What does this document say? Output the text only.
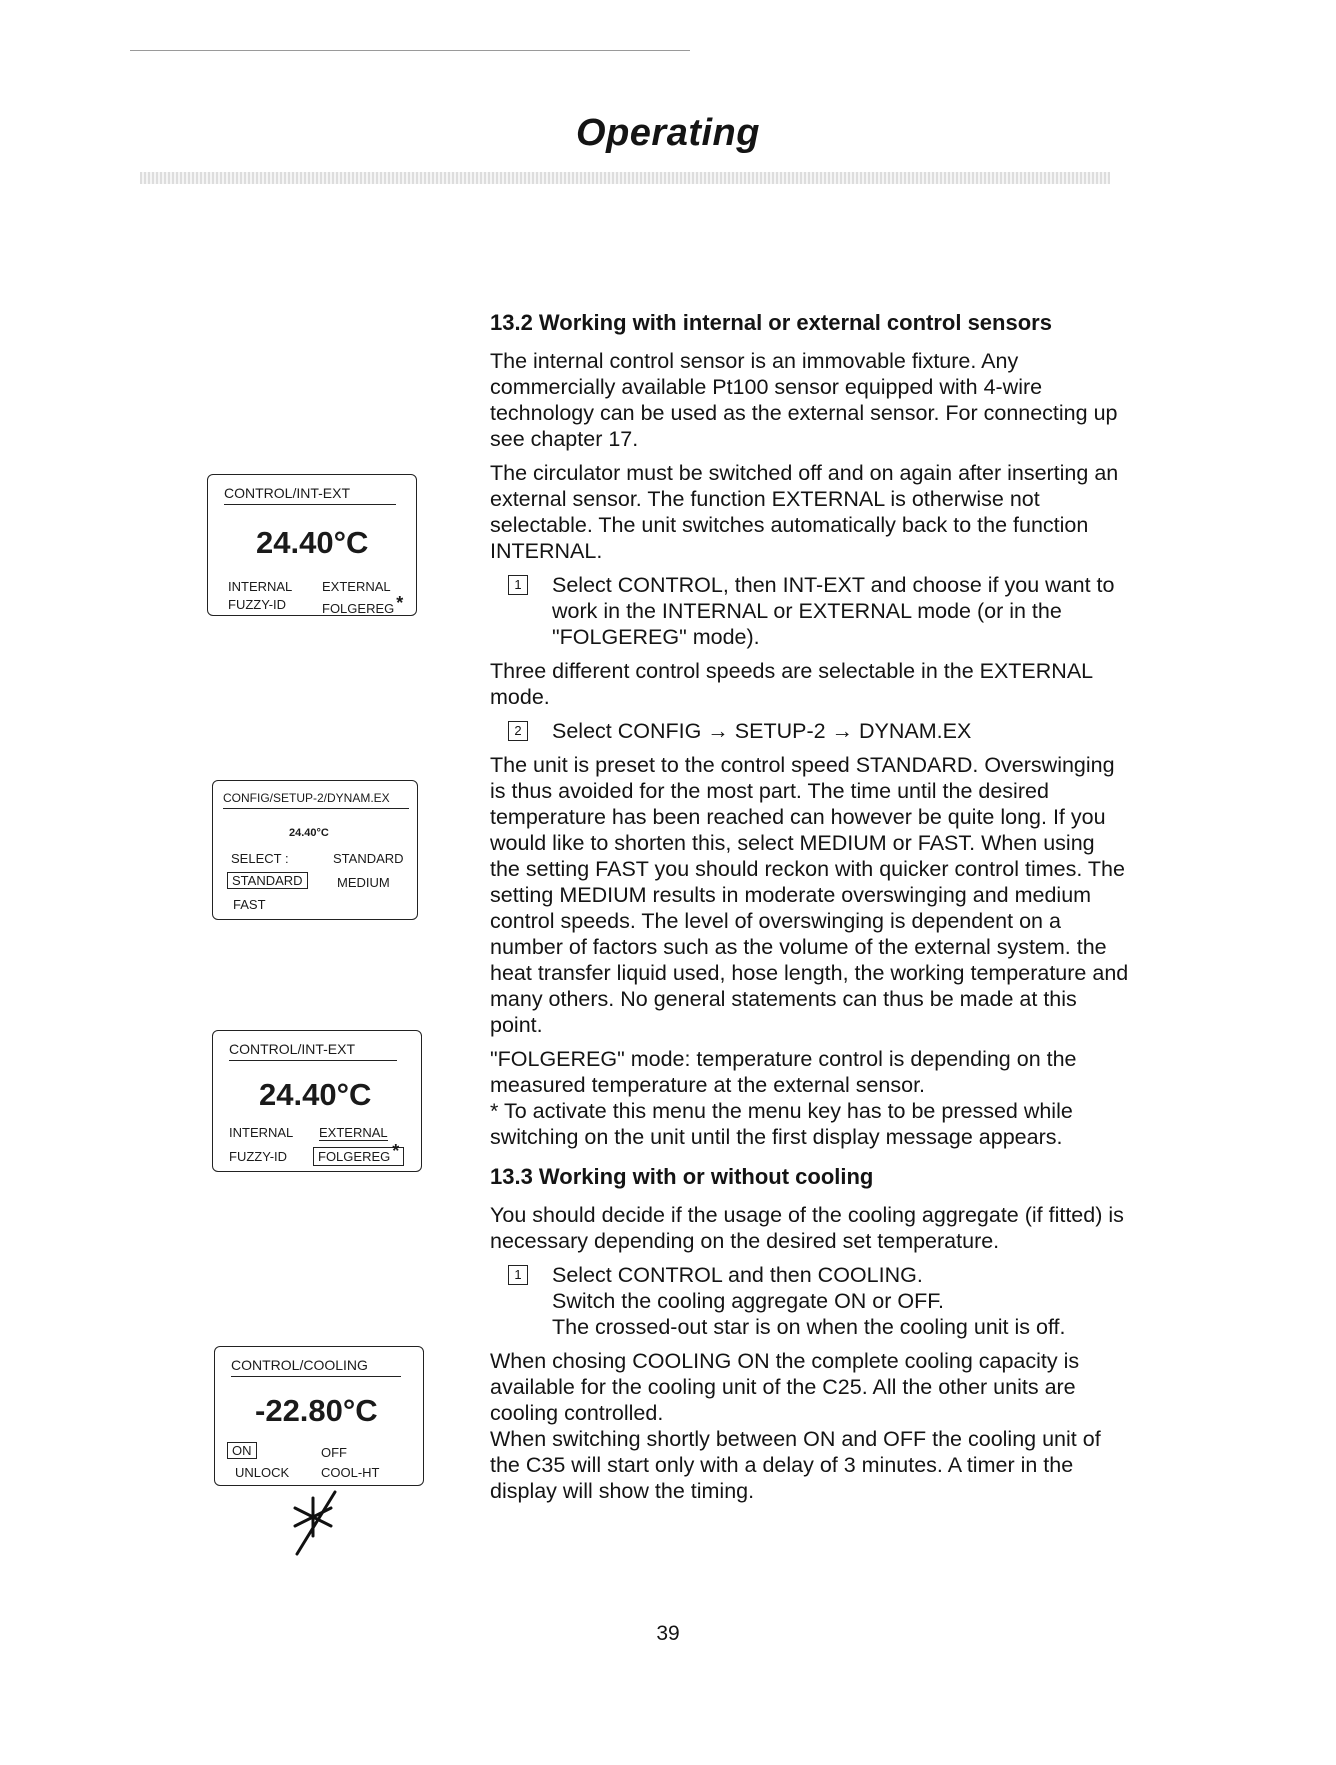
Operating
CONTROL/INT-EXT
24.40°C
INTERNAL EXTERNAL
FUZZY-ID	FOLGEREG *
CONFIG/SETUP-2/DYNAM.EX
24.40°C
SELECT :	STANDARD
STANDARD	MEDIUM
FAST
CONTROL/INT-EXT
24.40°C
INTERNAL EXTERNAL
FUZZY-ID	FOLGEREG *
CONTROL/COOLING
-22.80°C
ON	OFF
UNLOCK COOL-HT
13.2 Working with internal or external control sensors
The internal control sensor is an immovable fixture. Any commercially available Pt100 sensor equipped with 4-wire technology can be used as the external sensor. For connecting up see chapter 17.
The circulator must be switched off and on again after inserting an external sensor. The function EXTERNAL is otherwise not selectable. The unit switches automatically back to the function INTERNAL.
1 Select CONTROL, then INT-EXT and choose if you want to work in the INTERNAL or EXTERNAL mode (or in the "FOLGEREG" mode).
Three different control speeds are selectable in the EXTERNAL mode.
2 Select CONFIG → SETUP-2 → DYNAM.EX
The unit is preset to the control speed STANDARD. Overswinging is thus avoided for the most part. The time until the desired temperature has been reached can however be quite long. If you would like to shorten this, select MEDIUM or FAST. When using the setting FAST you should reckon with quicker control times. The setting MEDIUM results in moderate overswinging and medium control speeds. The level of overswinging is dependent on a number of factors such as the volume of the external system. the heat transfer liquid used, hose length, the working temperature and many others. No general statements can thus be made at this point.
"FOLGEREG" mode: temperature control is depending on the measured temperature at the external sensor.
* To activate this menu the menu key has to be pressed while switching on the unit until the first display message appears.
13.3 Working with or without cooling
You should decide if the usage of the cooling aggregate (if fitted) is necessary depending on the desired set temperature.
1 Select CONTROL and then COOLING.
Switch the cooling aggregate ON or OFF.
The crossed-out star is on when the cooling unit is off.
When chosing COOLING ON the complete cooling capacity is available for the cooling unit of the C25. All the other units are cooling controlled.
When switching shortly between ON and OFF the cooling unit of the C35 will start only with a delay of 3 minutes. A timer in the display will show the timing.
39
